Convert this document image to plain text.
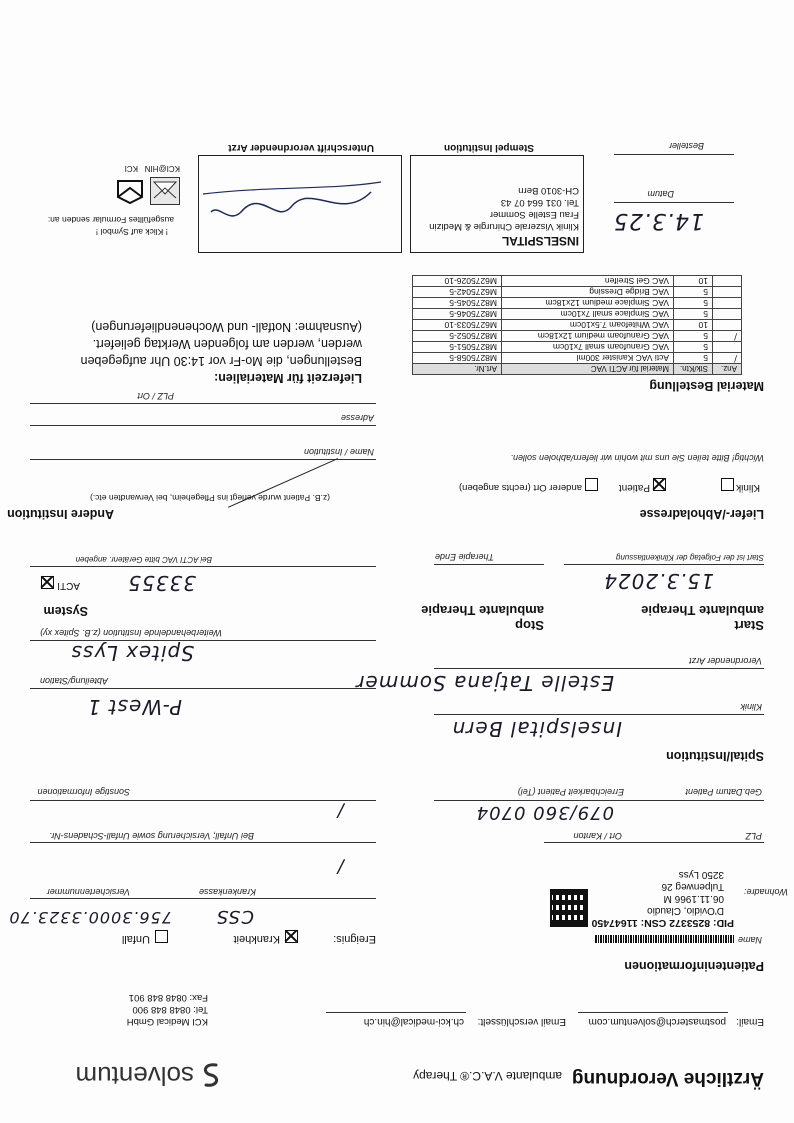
Ärztliche Verordnung
ambulante V.A.C.® Therapy
solventum
Email:
postmasterch@solventum.com
Email verschlüsselt:
ch.kci-medical@hin.ch
KCI Medical GmbH
Tel: 0848 848 900
Fax: 0848 848 901
Patienteninformationen
Name
PID: 8253372 CSN: 11647450
D'Ovidio, Claudio
06.11.1966 M
Tulpenweg 26
3250 Lyss
Wohnadre:
PLZ
Ort / Kanton
Geb.Datum Patient
079/360 0704
Erreichbarkeit Patient (Tel)
Ereignis:
Krankheit
Unfall
CSS
756.3000.3323.70
Krankenkasse
Versichertennummer
/
Bei Unfall; Versicherung sowie Unfall-Schadens-Nr.
/
Sonstige Informationen
Spital/Institution
Inselspital Bern
Klinik
Estelle Tatjana Sommer
Verordnender Arzt
P-West 1
Abteilung/Station
Spitex Lyss
Weiterbehandelnde Institution (z.B. Spitex xy)	Start
ambulante Therapie
Stop
ambulante Therapie
15.3.2024
Start ist der Folgetag der Klinikentlassung
Therapie Ende
System
ACTI 33355
Bei ACTI VAC bitte Gerätenr. angeben
Liefer-/Abholadresse
Klinik
Patient
anderer Ort (rechts angeben)
Wichtig! Bitte teilen Sie uns mit wohin wir liefern/abholen sollen.
Andere Institution
(z.B. Patient wurde verlegt ins Pflegeheim, bei Verwandten etc.)
Name / Institution
Adresse
PLZ / Ort
Material Bestellung
Anz.	Stk/Ktn.	Material für ACTI VAC	Art.Nr.
/	5	Acti VAC Kanister 300ml	M8275058-5
	5	VAC Granufoam small 7x10cm	M8275051-5
/	5	VAC Granufoam medium 12x18cm	M8275052-5
	10	VAC Whitefoam 7.5x10cm	M6275033-10
	5	VAC Simplace small 7x10cm	M8275046-5
	5	VAC Simplace medium 12x18cm	M8275045-5
	5	VAC Bridge Dressing	M6275042-5
	10	VAC Gel Streifen	M6275026-10
Lieferzeit für Materialien:
Bestellungen, die Mo-Fr vor 14:30 Uhr aufgegeben
werden, werden am folgenden Werktag geliefert.
(Ausnahme: Notfall- und Wochenendlieferungen)
14.3.25
Datum
Besteller
INSELSPITAL
Klinik Viszerale Chirurgie & Medizin
Frau Estelle Sommer
Tel. 031 664 07 43
CH-3010 Bern
Stempel Institution
Unterschrift verordnender Arzt
! Klick auf Symbol !
ausgefülltes Formular senden an:
KCI@HIN
KCI
